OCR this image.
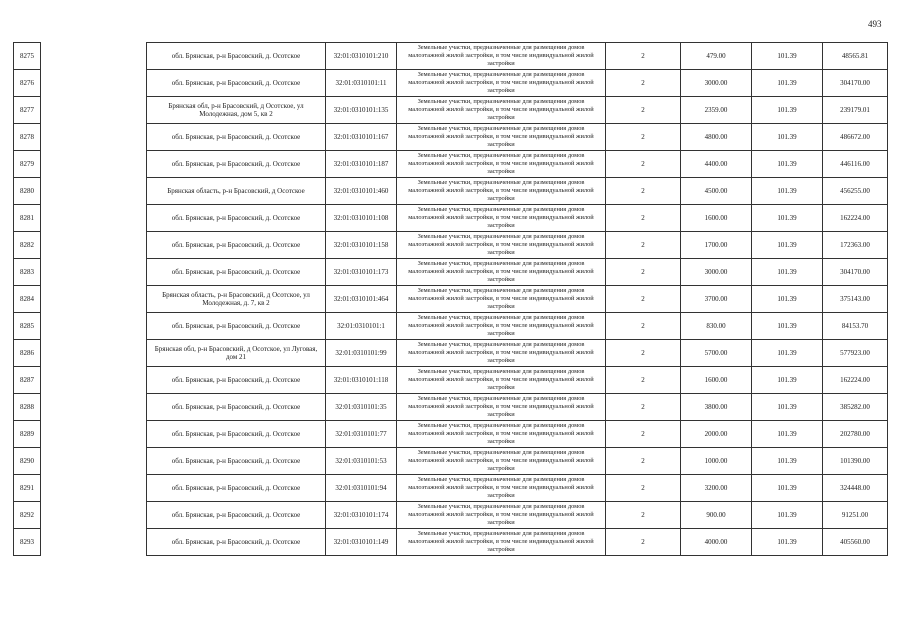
493
8275		обл. Брянская, р-н Брасовский, д. Осотское	32:01:0310101:210	Земельные участки, предназначенные для размещения домов малоэтажной жилой застройки, в том числе индивидуальной жилой застройки	2	479.00	101.39	48565.81
8276		обл. Брянская, р-н Брасовский, д. Осотское	32:01:0310101:11	Земельные участки, предназначенные для размещения домов малоэтажной жилой застройки, в том числе индивидуальной жилой застройки	2	3000.00	101.39	304170.00
8277		Брянская обл, р-н Брасовский, д Осотское, ул Молодежная, дом 5, кв 2	32:01:0310101:135	Земельные участки, предназначенные для размещения домов малоэтажной жилой застройки, в том числе индивидуальной жилой застройки	2	2359.00	101.39	239179.01
8278		обл. Брянская, р-н Брасовский, д. Осотское	32:01:0310101:167	Земельные участки, предназначенные для размещения домов малоэтажной жилой застройки, в том числе индивидуальной жилой застройки	2	4800.00	101.39	486672.00
8279		обл. Брянская, р-н Брасовский, д. Осотское	32:01:0310101:187	Земельные участки, предназначенные для размещения домов малоэтажной жилой застройки, в том числе индивидуальной жилой застройки	2	4400.00	101.39	446116.00
8280		Брянская область, р-н Брасовский, д Осотское	32:01:0310101:460	Земельные участки, предназначенные для размещения домов малоэтажной жилой застройки, в том числе индивидуальной жилой застройки	2	4500.00	101.39	456255.00
8281		обл. Брянская, р-н Брасовский, д. Осотское	32:01:0310101:108	Земельные участки, предназначенные для размещения домов малоэтажной жилой застройки, в том числе индивидуальной жилой застройки	2	1600.00	101.39	162224.00
8282		обл. Брянская, р-н Брасовский, д. Осотское	32:01:0310101:158	Земельные участки, предназначенные для размещения домов малоэтажной жилой застройки, в том числе индивидуальной жилой застройки	2	1700.00	101.39	172363.00
8283		обл. Брянская, р-н Брасовский, д. Осотское	32:01:0310101:173	Земельные участки, предназначенные для размещения домов малоэтажной жилой застройки, в том числе индивидуальной жилой застройки	2	3000.00	101.39	304170.00
8284		Брянская область, р-н Брасовский, д Осотское, ул Молодежная, д. 7, кв 2	32:01:0310101:464	Земельные участки, предназначенные для размещения домов малоэтажной жилой застройки, в том числе индивидуальной жилой застройки	2	3700.00	101.39	375143.00
8285		обл. Брянская, р-н Брасовский, д. Осотское	32:01:0310101:1	Земельные участки, предназначенные для размещения домов малоэтажной жилой застройки, в том числе индивидуальной жилой застройки	2	830.00	101.39	84153.70
8286		Брянская обл, р-н Брасовский, д Осотское, ул Луговая, дом 21	32:01:0310101:99	Земельные участки, предназначенные для размещения домов малоэтажной жилой застройки, в том числе индивидуальной жилой застройки	2	5700.00	101.39	577923.00
8287		обл. Брянская, р-н Брасовский, д. Осотское	32:01:0310101:118	Земельные участки, предназначенные для размещения домов малоэтажной жилой застройки, в том числе индивидуальной жилой застройки	2	1600.00	101.39	162224.00
8288		обл. Брянская, р-н Брасовский, д. Осотское	32:01:0310101:35	Земельные участки, предназначенные для размещения домов малоэтажной жилой застройки, в том числе индивидуальной жилой застройки	2	3800.00	101.39	385282.00
8289		обл. Брянская, р-н Брасовский, д. Осотское	32:01:0310101:77	Земельные участки, предназначенные для размещения домов малоэтажной жилой застройки, в том числе индивидуальной жилой застройки	2	2000.00	101.39	202780.00
8290		обл. Брянская, р-н Брасовский, д. Осотское	32:01:0310101:53	Земельные участки, предназначенные для размещения домов малоэтажной жилой застройки, в том числе индивидуальной жилой застройки	2	1000.00	101.39	101390.00
8291		обл. Брянская, р-н Брасовский, д. Осотское	32:01:0310101:94	Земельные участки, предназначенные для размещения домов малоэтажной жилой застройки, в том числе индивидуальной жилой застройки	2	3200.00	101.39	324448.00
8292		обл. Брянская, р-н Брасовский, д. Осотское	32:01:0310101:174	Земельные участки, предназначенные для размещения домов малоэтажной жилой застройки, в том числе индивидуальной жилой застройки	2	900.00	101.39	91251.00
8293		обл. Брянская, р-н Брасовский, д. Осотское	32:01:0310101:149	Земельные участки, предназначенные для размещения домов малоэтажной жилой застройки, в том числе индивидуальной жилой застройки	2	4000.00	101.39	405560.00
